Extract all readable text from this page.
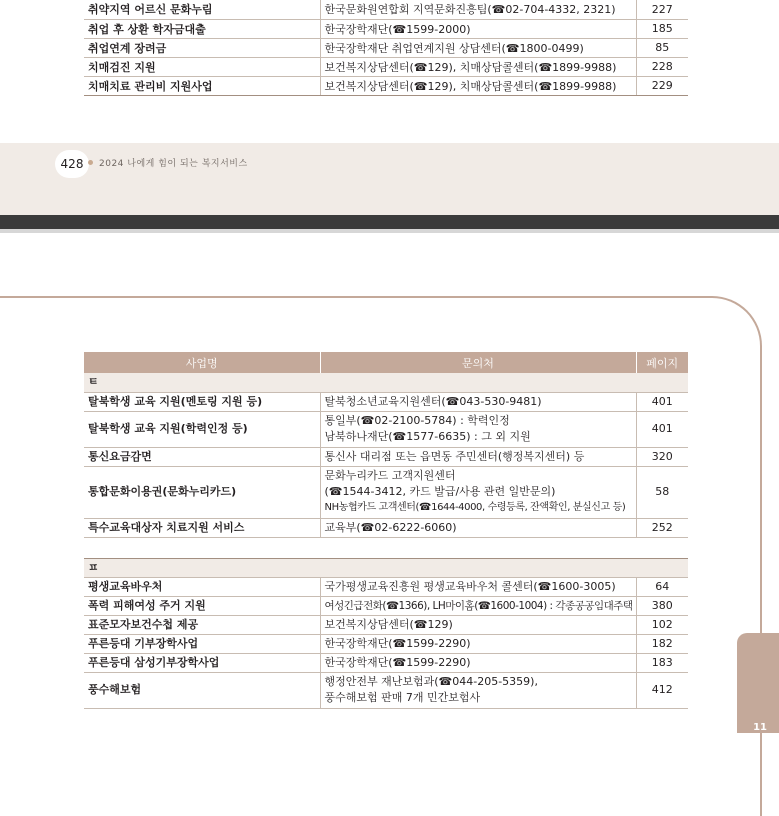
취약지역 어르신 문화누림	한국문화원연합회 지역문화진흥팀(☎02-704-4332, 2321)	227
취업 후 상환 학자금대출	한국장학재단(☎1599-2000)	185
취업연계 장려금	한국장학재단 취업연계지원 상담센터(☎1800-0499)	85
치매검진 지원	보건복지상담센터(☎129), 치매상담콜센터(☎1899-9988)	228
치매치료 관리비 지원사업	보건복지상담센터(☎129), 치매상담콜센터(☎1899-9988)	229
428	2024 나에게 힘이 되는 복지서비스
11
사업명	문의처	페이지
ㅌ		
탈북학생 교육 지원(멘토링 지원 등)	탈북청소년교육지원센터(☎043-530-9481)	401
탈북학생 교육 지원(학력인정 등)	통일부(☎02-2100-5784) : 학력인정
남북하나재단(☎1577-6635) : 그 외 지원	401
통신요금감면	통신사 대리점 또는 읍면동 주민센터(행정복지센터) 등	320
통합문화이용권(문화누리카드)	문화누리카드 고객지원센터
(☎1544-3412, 카드 발급/사용 관련 일반문의)
NH농협카드 고객센터(☎1644-4000, 수령등록, 잔액확인, 분실신고 등)	58
특수교육대상자 치료지원 서비스	교육부(☎02-6222-6060)	252

ㅍ		
평생교육바우처	국가평생교육진흥원 평생교육바우처 콜센터(☎1600-3005)	64
폭력 피해여성 주거 지원	여성긴급전화(☎1366), LH마이홈(☎1600-1004) : 각종공공임대주택	380
표준모자보건수첩 제공	보건복지상담센터(☎129)	102
푸른등대 기부장학사업	한국장학재단(☎1599-2290)	182
푸른등대 삼성기부장학사업	한국장학재단(☎1599-2290)	183
풍수해보험	행정안전부 재난보험과(☎044-205-5359),
풍수해보험 판매 7개 민간보험사	412
